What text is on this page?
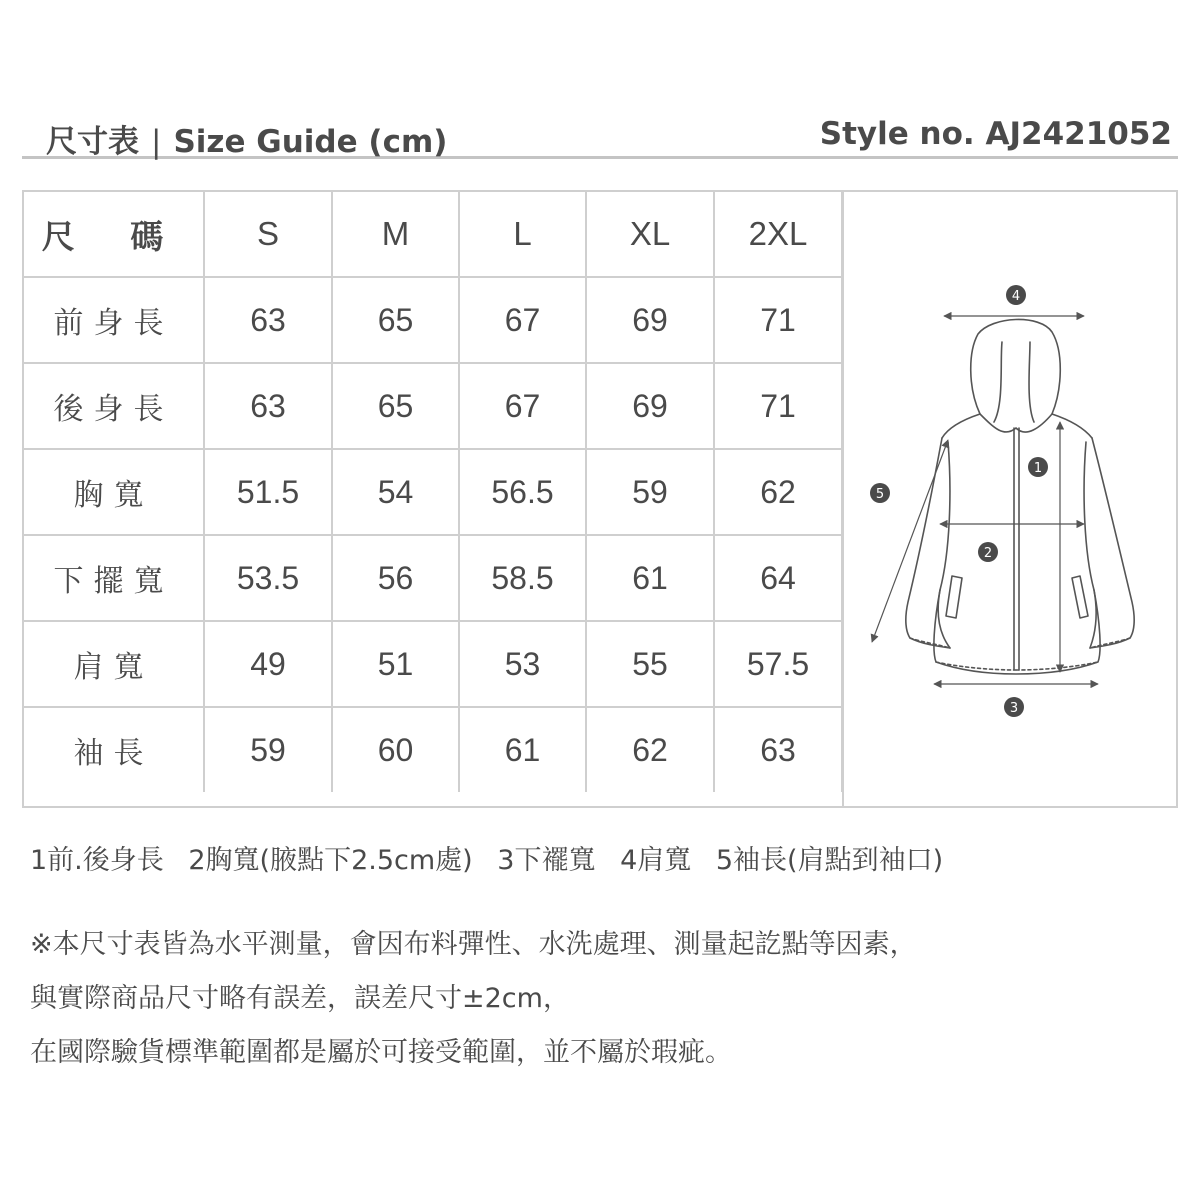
尺寸表 | Size Guide (cm)	Style no. AJ2421052
尺 碼	S	M	L	XL	2XL
前身長	63	65	67	69	71
後身長	63	65	67	69	71
胸寬	51.5	54	56.5	59	62
下擺寬	53.5	56	58.5	61	64
肩寬	49	51	53	55	57.5
袖長	59	60	61	62	63
1
2
3
4
5
1前.後身長 2胸寬(腋點下2.5cm處) 3下襬寬 4肩寬 5袖長(肩點到袖口)
※本尺寸表皆為水平測量，會因布料彈性、水洗處理、測量起訖點等因素，
與實際商品尺寸略有誤差，誤差尺寸±2cm，
在國際驗貨標準範圍都是屬於可接受範圍，並不屬於瑕疵。
